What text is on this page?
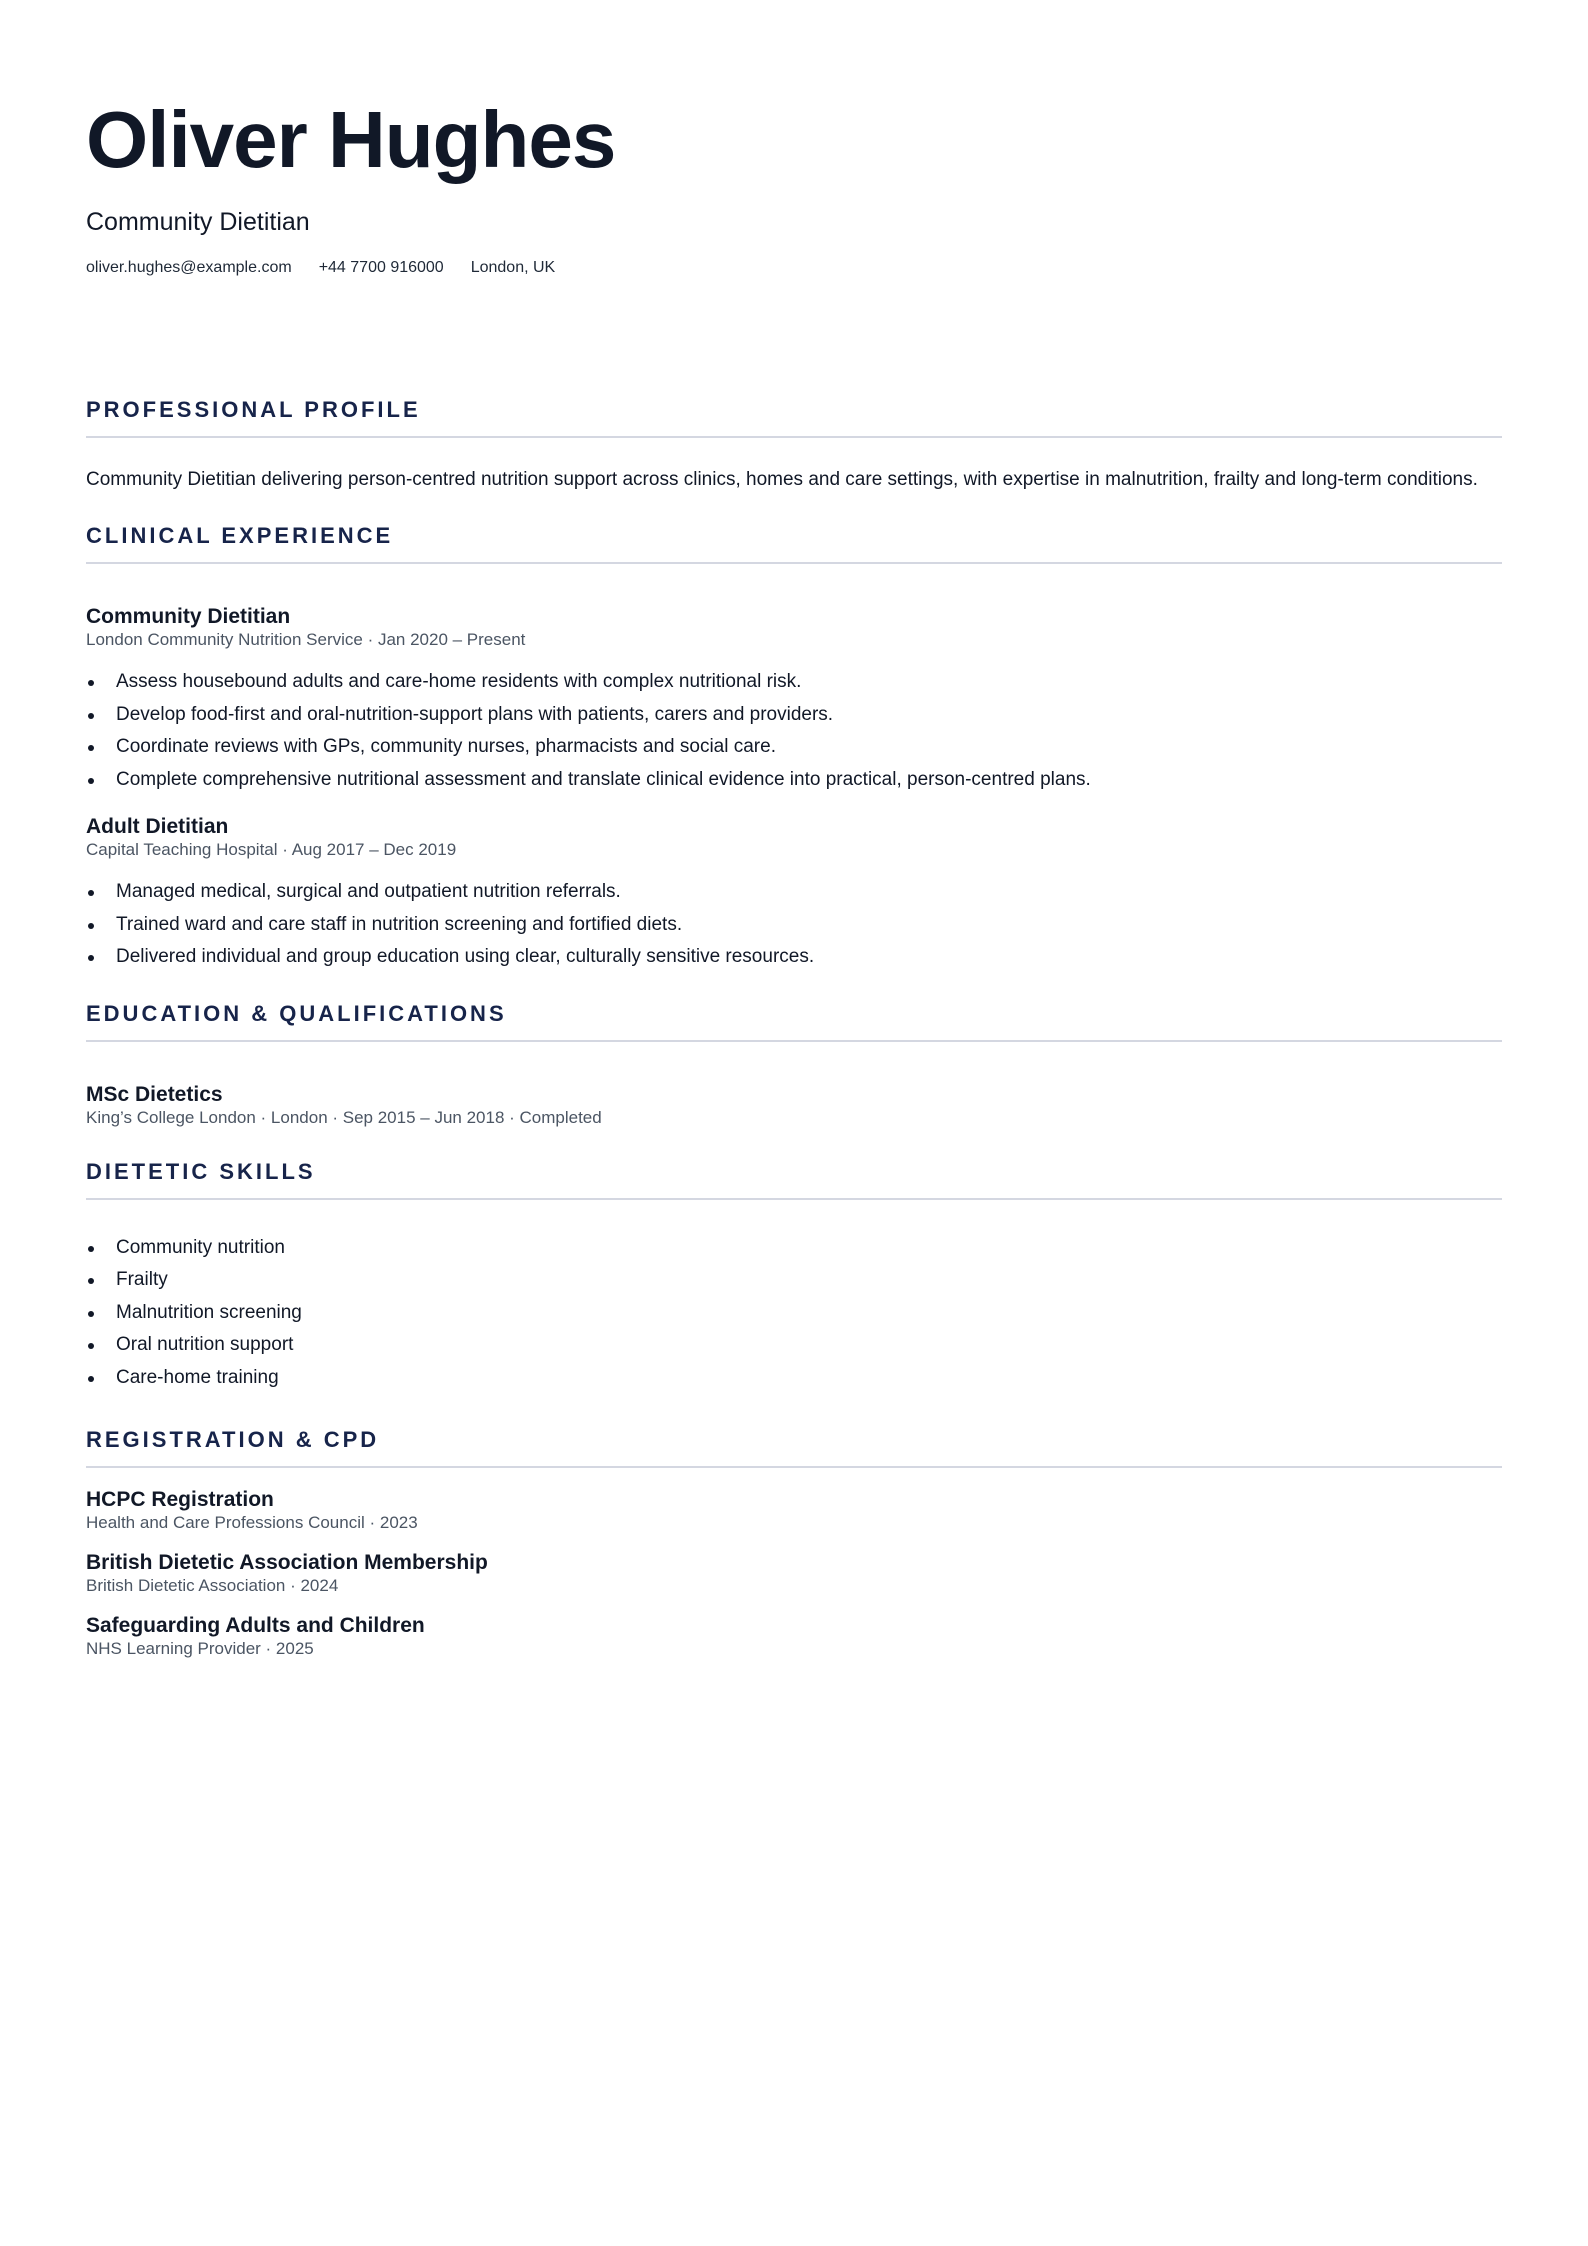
Oliver Hughes
Community Dietitian
oliver.hughes@example.com +44 7700 916000 London, UK
PROFESSIONAL PROFILE

Community Dietitian delivering person-centred nutrition support across clinics, homes and care settings, with expertise in malnutrition, frailty and long-term conditions.

CLINICAL EXPERIENCE
Community Dietitian
London Community Nutrition Service · Jan 2020 – Present
Assess housebound adults and care-home residents with complex nutritional risk.
Develop food-first and oral-nutrition-support plans with patients, carers and providers.
Coordinate reviews with GPs, community nurses, pharmacists and social care.
Complete comprehensive nutritional assessment and translate clinical evidence into practical, person-centred plans.
Adult Dietitian
Capital Teaching Hospital · Aug 2017 – Dec 2019
Managed medical, surgical and outpatient nutrition referrals.
Trained ward and care staff in nutrition screening and fortified diets.
Delivered individual and group education using clear, culturally sensitive resources.
EDUCATION & QUALIFICATIONS
MSc Dietetics
King’s College London · London · Sep 2015 – Jun 2018 · Completed
DIETETIC SKILLS
Community nutrition
Frailty
Malnutrition screening
Oral nutrition support
Care-home training
REGISTRATION & CPD
HCPC Registration
Health and Care Professions Council · 2023
British Dietetic Association Membership
British Dietetic Association · 2024
Safeguarding Adults and Children
NHS Learning Provider · 2025
